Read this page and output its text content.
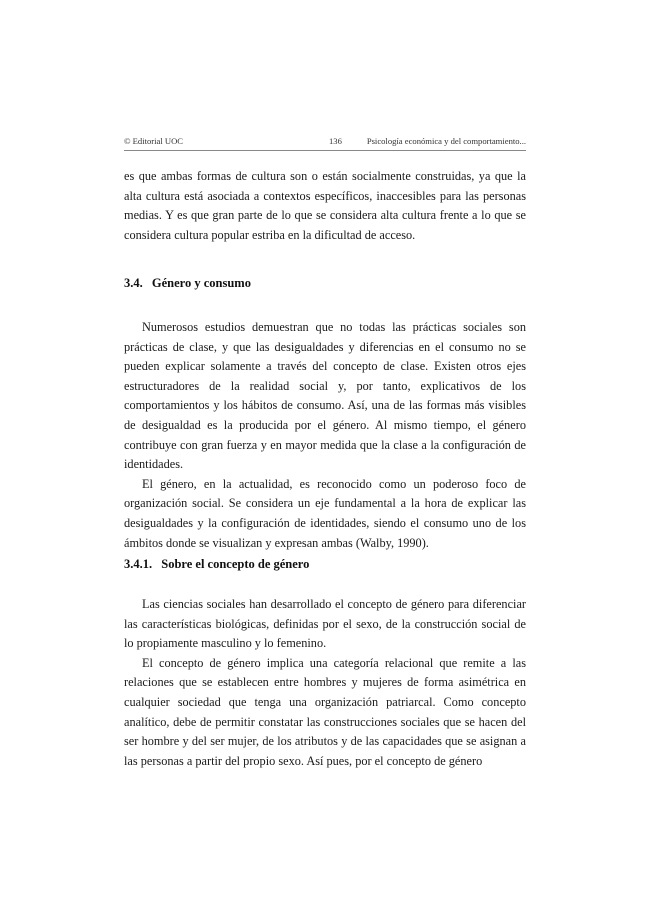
© Editorial UOC	136	Psicología económica y del comportamiento...

es que ambas formas de cultura son o están socialmente construidas, ya que la alta cultura está asociada a contextos específicos, inaccesibles para las personas medias. Y es que gran parte de lo que se considera alta cultura frente a lo que se considera cultura popular estriba en la dificultad de acceso.

3.4. Género y consumo

Numerosos estudios demuestran que no todas las prácticas sociales son prácticas de clase, y que las desigualdades y diferencias en el consumo no se pueden explicar solamente a través del concepto de clase. Existen otros ejes estructuradores de la realidad social y, por tanto, explicativos de los comportamientos y los hábitos de consumo. Así, una de las formas más visibles de desigualdad es la producida por el género. Al mismo tiempo, el género contribuye con gran fuerza y en mayor medida que la clase a la configuración de identidades.

El género, en la actualidad, es reconocido como un poderoso foco de organización social. Se considera un eje fundamental a la hora de explicar las desigualdades y la configuración de identidades, siendo el consumo uno de los ámbitos donde se visualizan y expresan ambas (Walby, 1990).

3.4.1. Sobre el concepto de género

Las ciencias sociales han desarrollado el concepto de género para diferenciar las características biológicas, definidas por el sexo, de la construcción social de lo propiamente masculino y lo femenino.

El concepto de género implica una categoría relacional que remite a las relaciones que se establecen entre hombres y mujeres de forma asimétrica en cualquier sociedad que tenga una organización patriarcal. Como concepto analítico, debe de permitir constatar las construcciones sociales que se hacen del ser hombre y del ser mujer, de los atributos y de las capacidades que se asignan a las personas a partir del propio sexo. Así pues, por el concepto de género
